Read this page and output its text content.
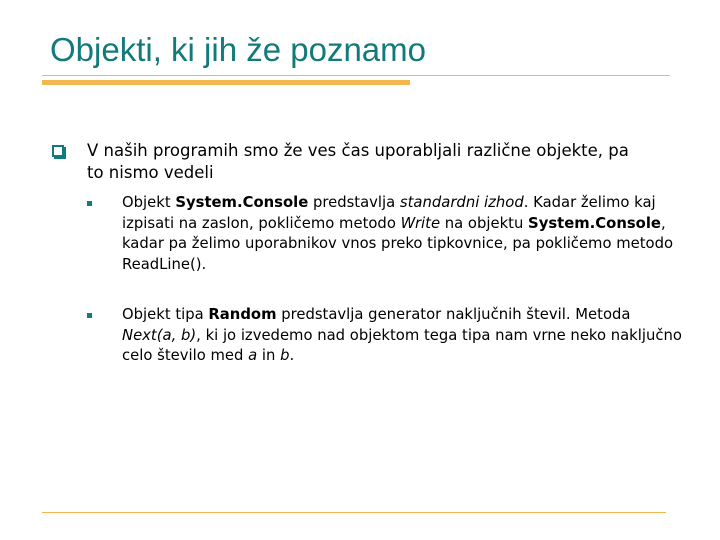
Objekti, ki jih že poznamo

V naših programih smo že ves čas uporabljali različne objekte, pa to nismo vedeli

Objekt System.Console predstavlja standardni izhod. Kadar želimo kaj izpisati na zaslon, pokličemo metodo Write na objektu System.Console, kadar pa želimo uporabnikov vnos preko tipkovnice, pa pokličemo metodo ReadLine().

Objekt tipa Random predstavlja generator naključnih števil. Metoda Next(a, b), ki jo izvedemo nad objektom tega tipa nam vrne neko naključno celo število med a in b.
